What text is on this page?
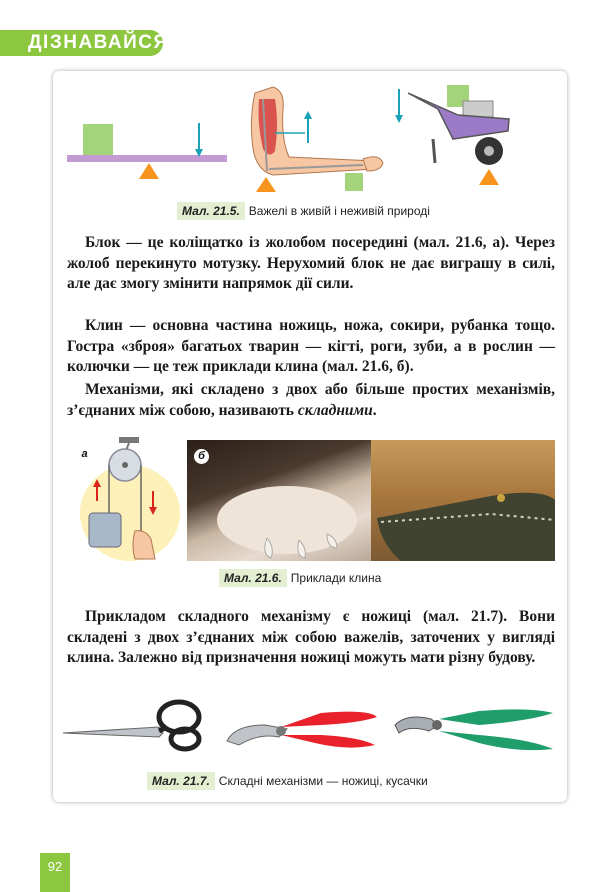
ДІЗНАВАЙСЯ
Мал. 21.5. Важелі в живій і неживій природі

Блок — це коліщатко із жолобом посередині (мал. 21.6, а). Через жолоб перекинуто мотузку. Нерухомий блок не дає виграшу в силі, але дає змогу змінити напрямок дії сили.

Клин — основна частина ножиць, ножа, сокири, рубанка тощо. Гостра «зброя» багатьох тварин — кігті, роги, зуби, а в рослин — колючки — це теж приклади клина (мал. 21.6, б).

Механізми, які складено з двох або більше простих механізмів, з’єднаних між собою, називають складними.

а	б
Мал. 21.6. Приклади клина

Прикладом складного механізму є ножиці (мал. 21.7). Вони складені з двох з’єднаних між собою важелів, заточених у вигляді клина. Залежно від призначення ножиці можуть мати різну будову.

Мал. 21.7. Складні механізми — ножиці, кусачки
92
